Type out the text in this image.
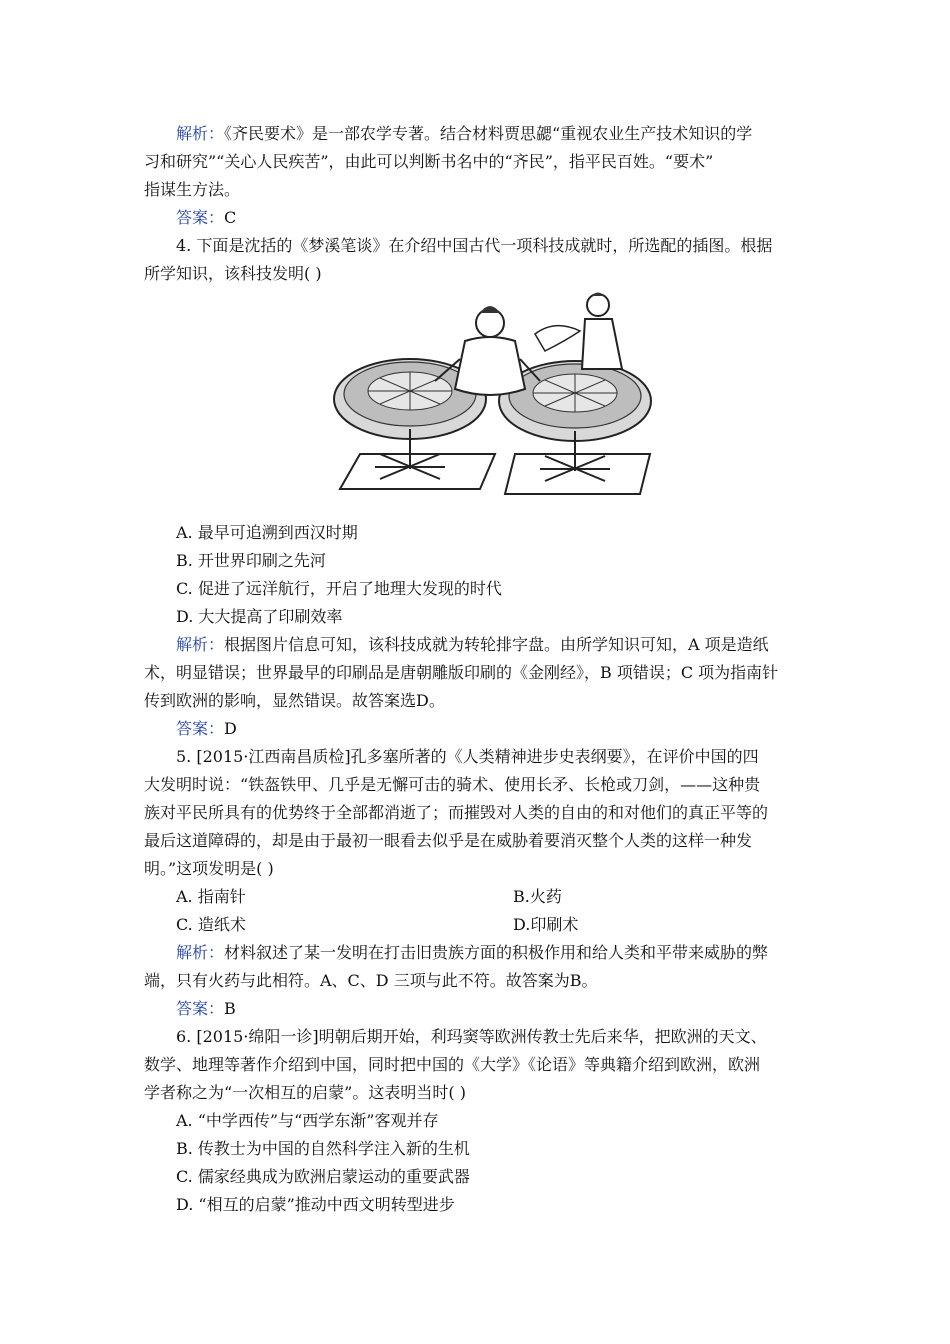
解析：《齐民要术》是一部农学专著。结合材料贾思勰“重视农业生产技术知识的学
习和研究”“关心人民疾苦”，由此可以判断书名中的“齐民”，指平民百姓。“要术”
指谋生方法。
答案：C
4. 下面是沈括的《梦溪笔谈》在介绍中国古代一项科技成就时，所选配的插图。根据
所学知识，该科技发明( )
A. 最早可追溯到西汉时期
B. 开世界印刷之先河
C. 促进了远洋航行，开启了地理大发现的时代
D. 大大提高了印刷效率
解析：根据图片信息可知，该科技成就为转轮排字盘。由所学知识可知，A 项是造纸
术，明显错误；世界最早的印刷品是唐朝雕版印刷的《金刚经》，B 项错误；C 项为指南针
传到欧洲的影响，显然错误。故答案选D。
答案：D
5. [2015·江西南昌质检]孔多塞所著的《人类精神进步史表纲要》，在评价中国的四
大发明时说：“铁盔铁甲、几乎是无懈可击的骑术、使用长矛、长枪或刀剑，——这种贵
族对平民所具有的优势终于全部都消逝了；而摧毁对人类的自由的和对他们的真正平等的
最后这道障碍的，却是由于最初一眼看去似乎是在威胁着要消灭整个人类的这样一种发
明。”这项发明是( )
A. 指南针	B.火药
C. 造纸术	D.印刷术
解析：材料叙述了某一发明在打击旧贵族方面的积极作用和给人类和平带来威胁的弊
端，只有火药与此相符。A、C、D 三项与此不符。故答案为B。
答案：B
6. [2015·绵阳一诊]明朝后期开始，利玛窦等欧洲传教士先后来华，把欧洲的天文、
数学、地理等著作介绍到中国，同时把中国的《大学》《论语》等典籍介绍到欧洲，欧洲
学者称之为“一次相互的启蒙”。这表明当时( )
A. “中学西传”与“西学东渐”客观并存
B. 传教士为中国的自然科学注入新的生机
C. 儒家经典成为欧洲启蒙运动的重要武器
D. “相互的启蒙”推动中西文明转型进步
